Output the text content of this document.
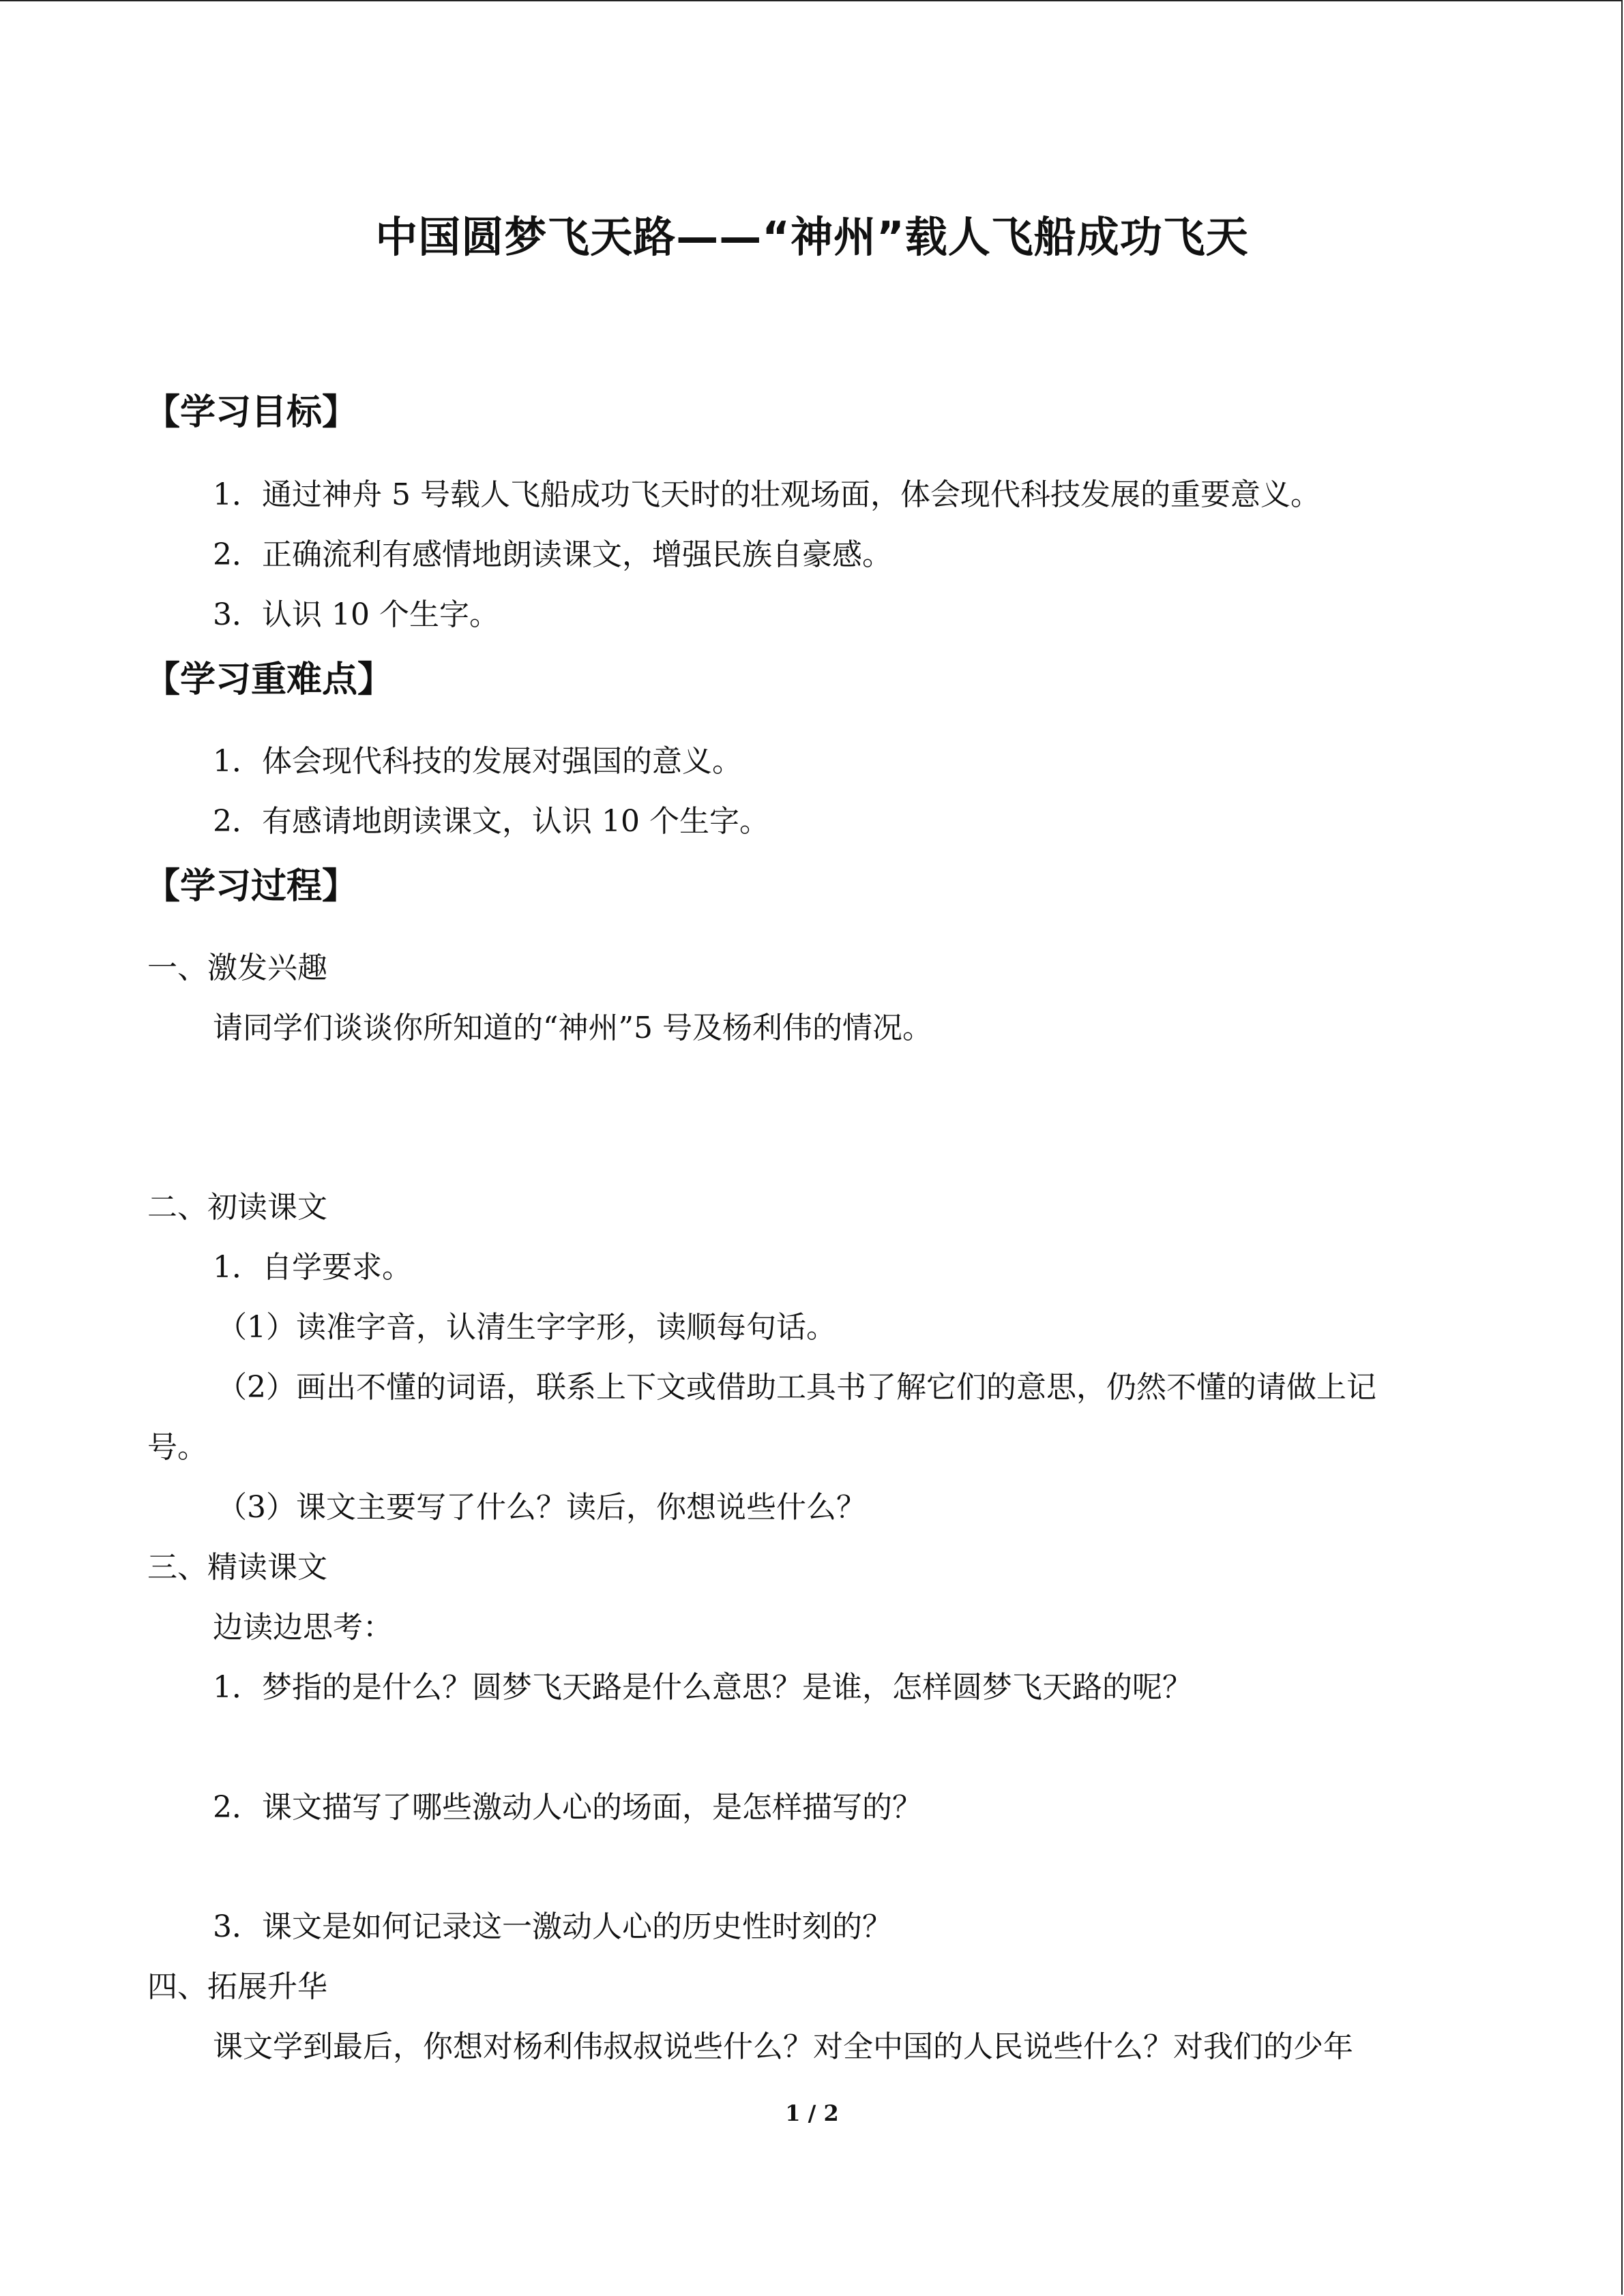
中国圆梦飞天路——“神州”载人飞船成功飞天
【学习目标】
1．通过神舟 5 号载人飞船成功飞天时的壮观场面，体会现代科技发展的重要意义。
2．正确流利有感情地朗读课文，增强民族自豪感。
3．认识 10 个生字。
【学习重难点】
1．体会现代科技的发展对强国的意义。
2．有感请地朗读课文，认识 10 个生字。
【学习过程】
一、激发兴趣
请同学们谈谈你所知道的“神州”5 号及杨利伟的情况。
二、初读课文
1．自学要求。
（1）读准字音，认清生字字形，读顺每句话。
（2）画出不懂的词语，联系上下文或借助工具书了解它们的意思，仍然不懂的请做上记
号。
（3）课文主要写了什么？读后，你想说些什么？
三、精读课文
边读边思考：
1．梦指的是什么？圆梦飞天路是什么意思？是谁，怎样圆梦飞天路的呢？
2．课文描写了哪些激动人心的场面，是怎样描写的？
3．课文是如何记录这一激动人心的历史性时刻的？
四、拓展升华
课文学到最后，你想对杨利伟叔叔说些什么？对全中国的人民说些什么？对我们的少年
1 / 2
